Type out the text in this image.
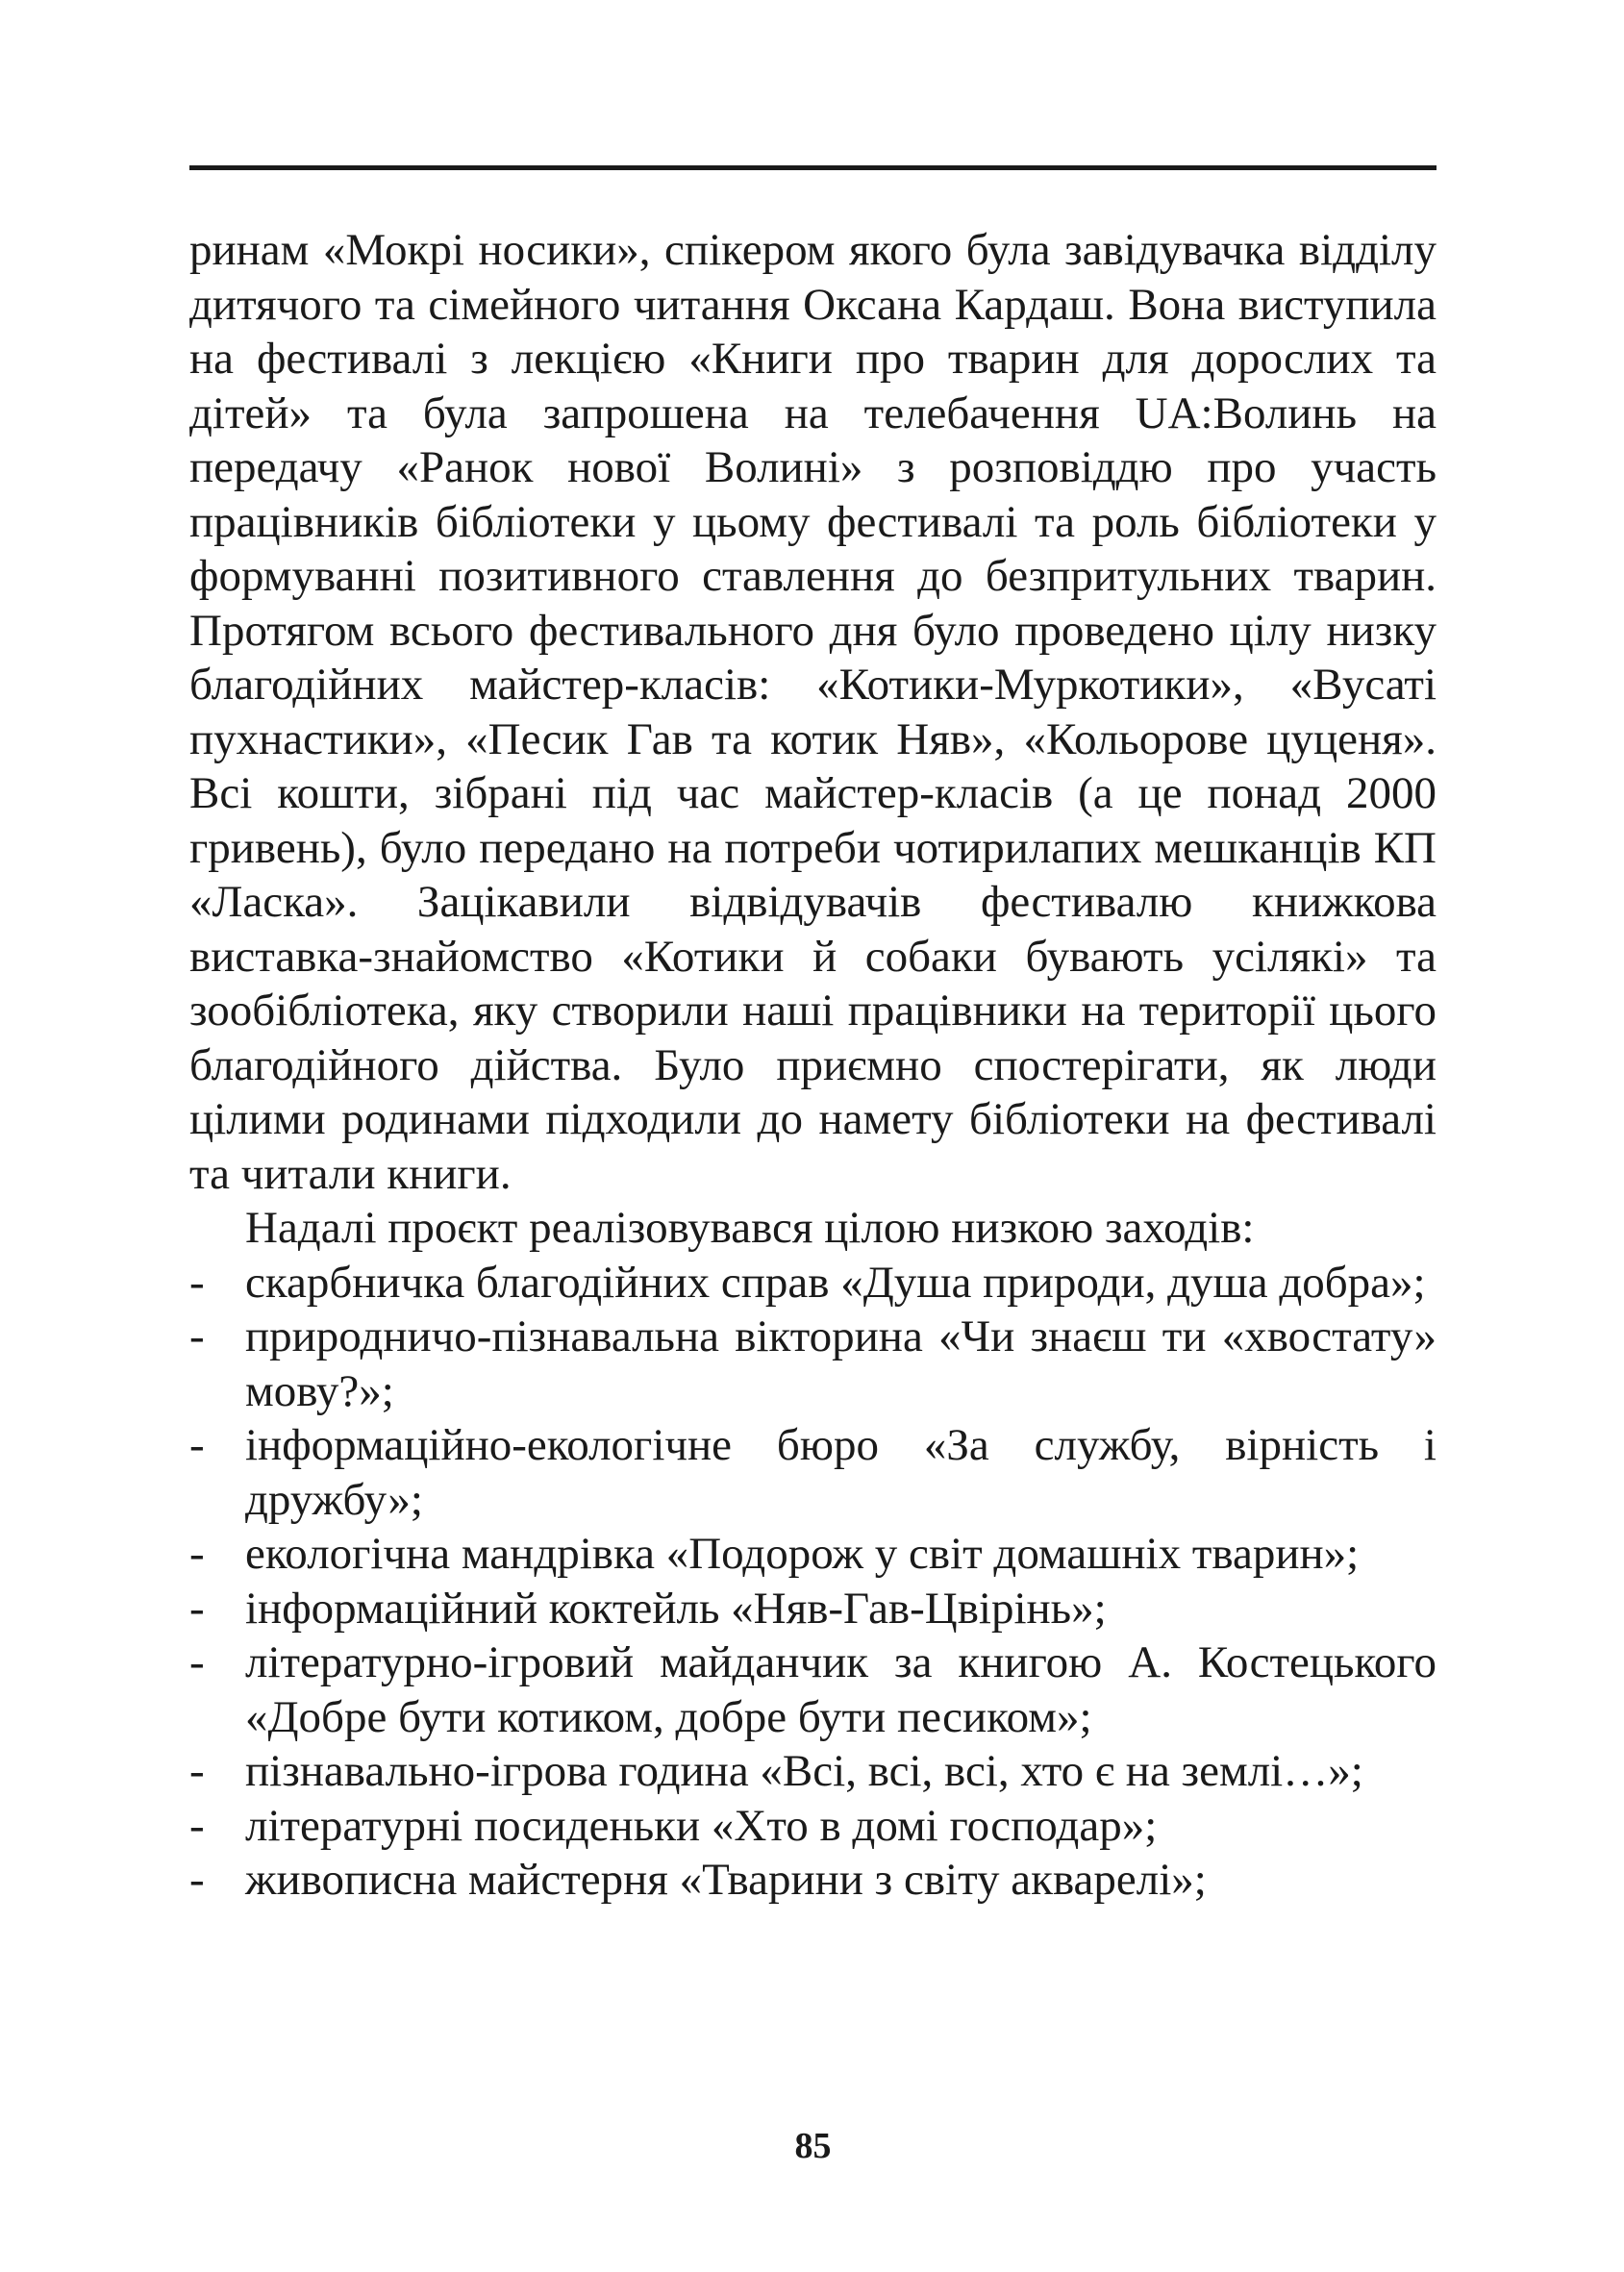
ринам «Мокрі носики», спікером якого була завідувачка відділу дитячого та сімейного читання Оксана Кардаш. Вона виступила на фестивалі з лекцією «Книги про тварин для дорослих та дітей» та була запрошена на телебачення UA:Волинь на передачу «Ранок нової Волині» з розповіддю про участь працівників бібліотеки у цьому фестивалі та роль бібліотеки у формуванні позитивного ставлення до безпритульних тварин. Протягом всього фестивального дня було проведено цілу низку благодійних майстер-класів: «Котики-Муркотики», «Вусаті пухнастики», «Песик Гав та котик Няв», «Кольорове цуценя». Всі кошти, зібрані під час майстер-класів (а це понад 2000 гривень), було передано на потреби чотирилапих мешканців КП «Ласка». Зацікавили відвідувачів фестивалю книжкова виставка-знайомство «Котики й собаки бувають усілякі» та зообібліотека, яку створили наші працівники на території цього благодійного дійства. Було приємно спостерігати, як люди цілими родинами підходили до намету бібліотеки на фестивалі та читали книги.

Надалі проєкт реалізовувався цілою низкою заходів:

- скарбничка благодійних справ «Душа природи, душа добра»;
- природничо-пізнавальна вікторина «Чи знаєш ти «хвостату» мову?»;
- інформаційно-екологічне бюро «За службу, вірність і дружбу»;
- екологічна мандрівка «Подорож у світ домашніх тварин»;
- інформаційний коктейль «Няв-Гав-Цвірінь»;
- літературно-ігровий майданчик за книгою А. Костецького «Добре бути котиком, добре бути песиком»;
- пізнавально-ігрова година «Всі, всі, всі, хто є на землі…»;
- літературні посиденьки «Хто в домі господар»;
- живописна майстерня «Тварини з світу акварелі»;
85
